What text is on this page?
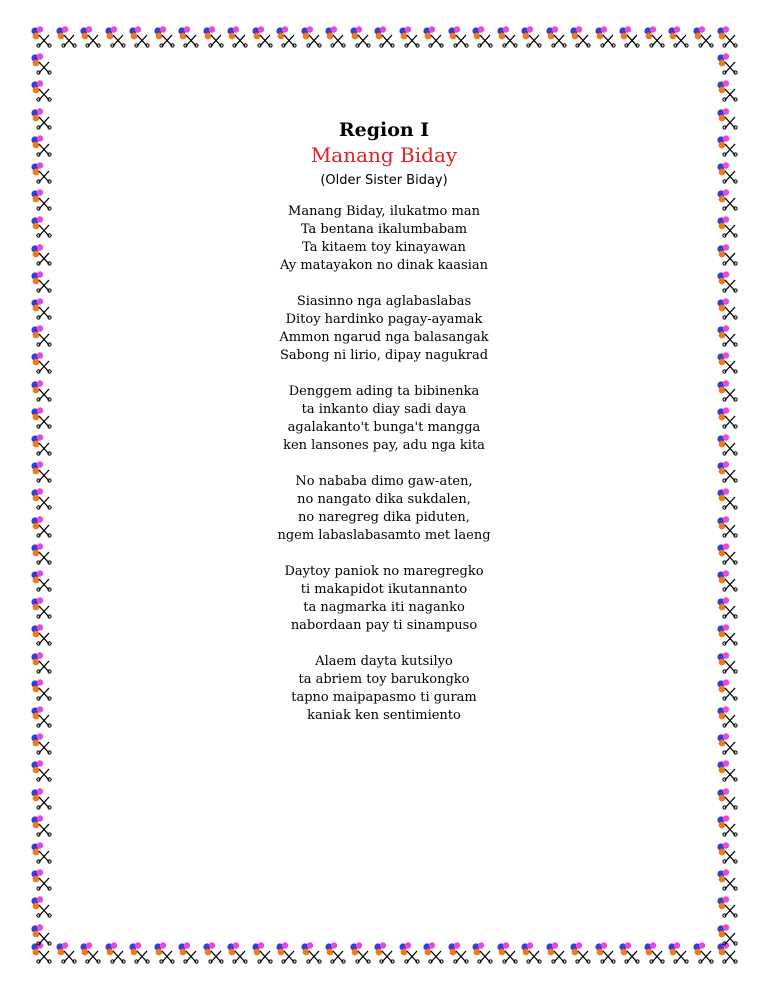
Region I
Manang Biday
(Older Sister Biday)
Manang Biday, ilukatmo man
Ta bentana ikalumbabam
Ta kitaem toy kinayawan
Ay matayakon no dinak kaasian
Siasinno nga aglabaslabas
Ditoy hardinko pagay-ayamak
Ammon ngarud nga balasangak
Sabong ni lirio, dipay nagukrad
Denggem ading ta bibinenka
ta inkanto diay sadi daya
agalakanto't bunga't mangga
ken lansones pay, adu nga kita
No nababa dimo gaw-aten,
no nangato dika sukdalen,
no naregreg dika piduten,
ngem labaslabasamto met laeng
Daytoy paniok no maregregko
ti makapidot ikutannanto
ta nagmarka iti naganko
nabordaan pay ti sinampuso
Alaem dayta kutsilyo
ta abriem toy barukongko
tapno maipapasmo ti guram
kaniak ken sentimiento
